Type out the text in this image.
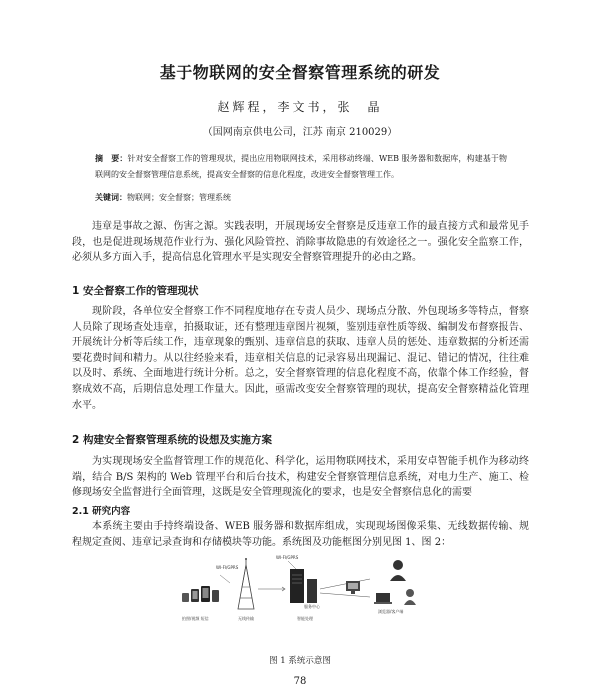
基于物联网的安全督察管理系统的研发
赵辉程，李文书，张　晶
（国网南京供电公司，江苏 南京 210029）
摘　要：针对安全督察工作的管理现状，提出应用物联网技术，采用移动终端、WEB 服务器和数据库，构建基于物联网的安全督察管理信息系统，提高安全督察的信息化程度，改进安全督察管理工作。
关键词：物联网；安全督察；管理系统

违章是事故之源、伤害之源。实践表明，开展现场安全督察是反违章工作的最直接方式和最常见手段，也是促进现场规范作业行为、强化风险管控、消除事故隐患的有效途径之一。强化安全监察工作，必须从多方面入手，提高信息化管理水平是实现安全督察管理提升的必由之路。

1 安全督察工作的管理现状

现阶段，各单位安全督察工作不同程度地存在专责人员少、现场点分散、外包现场多等特点，督察人员除了现场查处违章，拍摄取证，还有整理违章图片视频，鉴别违章性质等级、编制发布督察报告、开展统计分析等后续工作，违章现象的甄别、违章信息的获取、违章人员的惩处、违章数据的分析还需要花费时间和精力。从以往经验来看，违章相关信息的记录容易出现漏记、混记、错记的情况，往往难以及时、系统、全面地进行统计分析。总之，安全督察管理的信息化程度不高，依靠个体工作经验，督察成效不高，后期信息处理工作量大。因此，亟需改变安全督察管理的现状，提高安全督察精益化管理水平。

2 构建安全督察管理系统的设想及实施方案

为实现现场安全监督管理工作的规范化、科学化，运用物联网技术，采用安卓智能手机作为移动终端，结合 B/S 架构的 Web 管理平台和后台技术，构建安全督察管理信息系统，对电力生产、施工、检修现场安全监督进行全面管理，这既是安全管理现流化的要求，也是安全督察信息化的需要

2.1 研究内容

本系统主要由手持终端设备、WEB 服务器和数据库组成，实现现场图像采集、无线数据传输、规程规定查阅、违章记录查询和存储模块等功能。系统图及功能框图分别见图 1、图 2：

拍照/视频 短信
WI-FI/GPRS
无线传输
WI-FI/GPRS
服务中心
智能处理
浏览器/客户端
图 1 系统示意图
78
